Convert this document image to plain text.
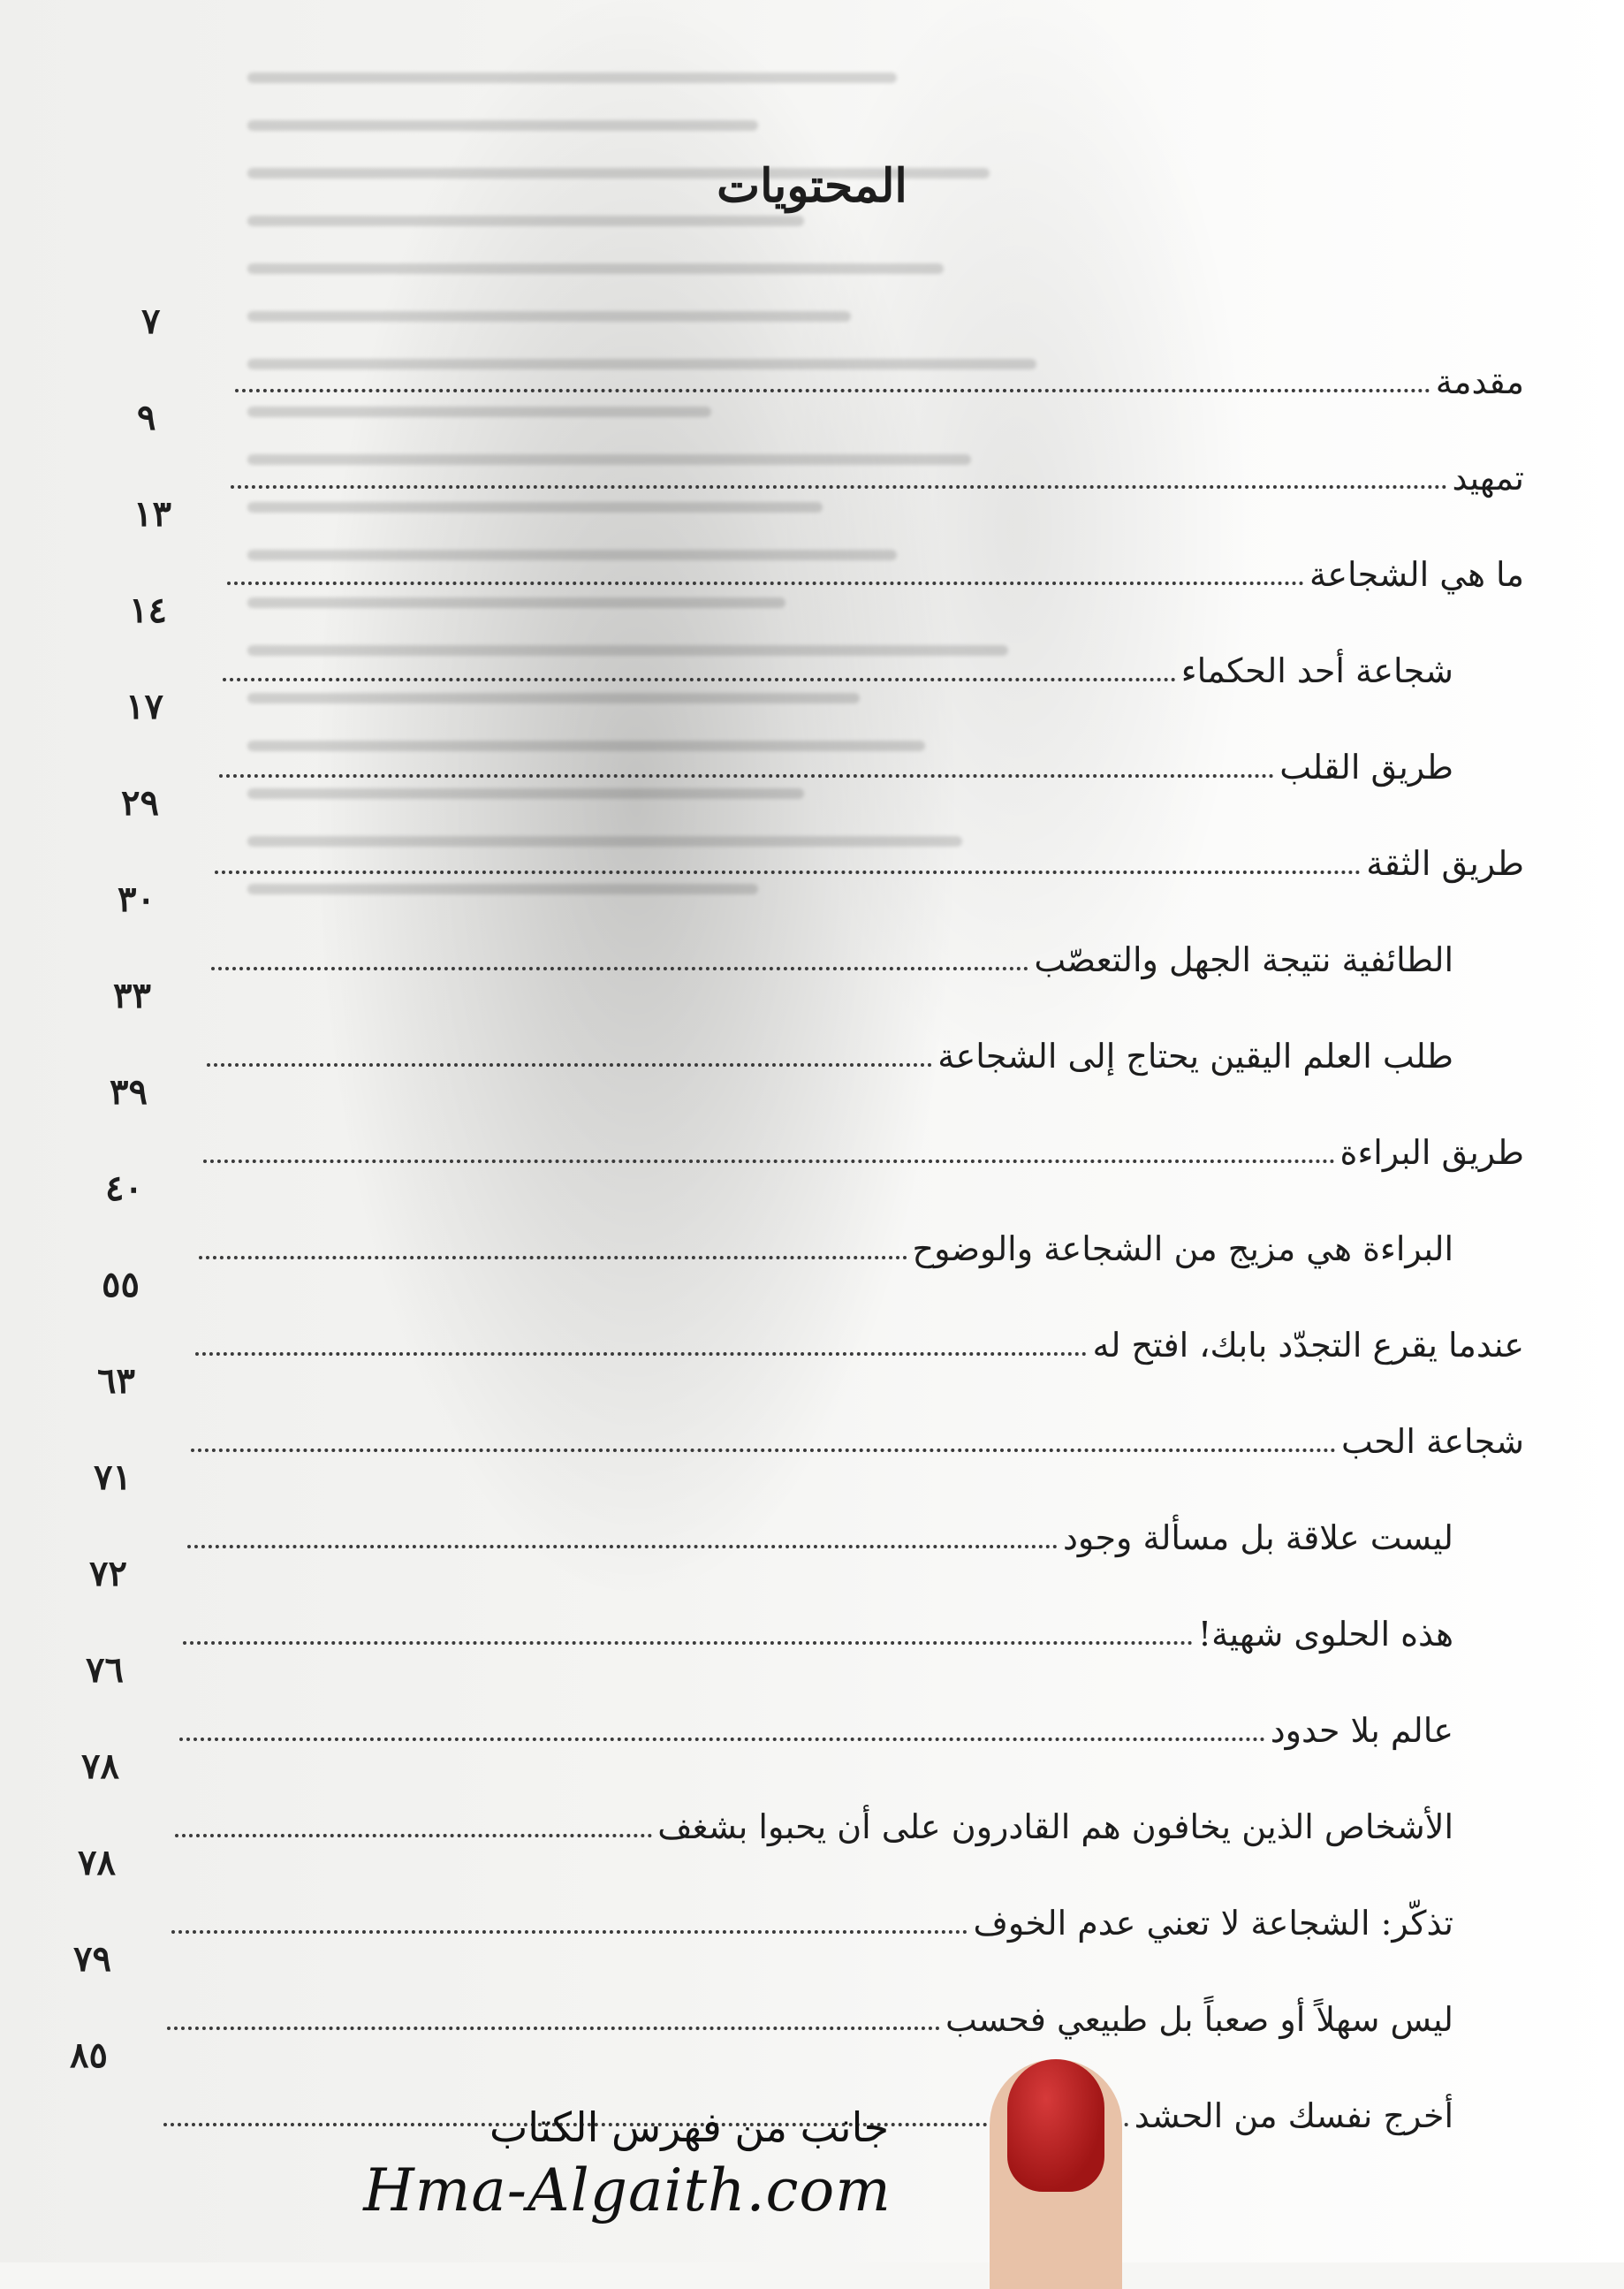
المحتويات
مقدمة
٧
تمهيد
٩
ما هي الشجاعة
١٣
شجاعة أحد الحكماء
١٤
طريق القلب
١٧
طريق الثقة
٢٩
الطائفية نتيجة الجهل والتعصّب
٣٠
طلب العلم اليقين يحتاج إلى الشجاعة
٣٣
طريق البراءة
٣٩
البراءة هي مزيج من الشجاعة والوضوح
٤٠
عندما يقرع التجدّد بابك، افتح له
٥٥
شجاعة الحب
٦٣
ليست علاقة بل مسألة وجود
٧١
هذه الحلوى شهية!
٧٢
عالم بلا حدود
٧٦
الأشخاص الذين يخافون هم القادرون على أن يحبوا بشغف
٧٨
تذكّر: الشجاعة لا تعني عدم الخوف
٧٨
ليس سهلاً أو صعباً بل طبيعي فحسب
٧٩
أخرج نفسك من الحشد
٨٥
جانب من فهرس الكتاب
Hma-Algaith.com
